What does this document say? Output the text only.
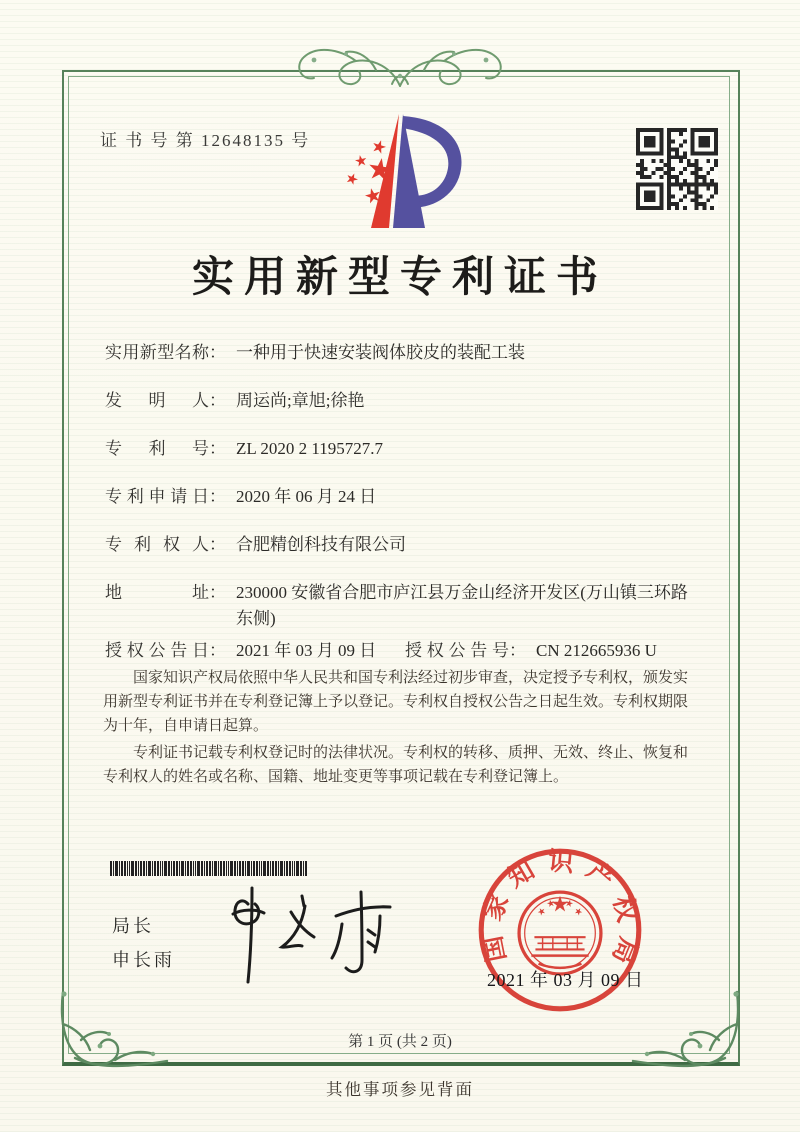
证 书 号 第 12648135 号
实用新型专利证书
实用新型名称 ： 一种用于快速安装阀体胶皮的装配工装
发明人 ： 周运尚;章旭;徐艳
专利号 ： ZL 2020 2 1195727.7
专利申请日 ： 2020 年 06 月 24 日
专利权人 ： 合肥精创科技有限公司
地址 ： 230000 安徽省合肥市庐江县万金山经济开发区(万山镇三环路东侧)
授权公告日 ： 2021 年 03 月 09 日 授权公告号 ： CN 212665936 U

国家知识产权局依照中华人民共和国专利法经过初步审查，决定授予专利权，颁发实用新型专利证书并在专利登记簿上予以登记。专利权自授权公告之日起生效。专利权期限为十年，自申请日起算。

专利证书记载专利权登记时的法律状况。专利权的转移、质押、无效、终止、恢复和专利权人的姓名或名称、国籍、地址变更等事项记载在专利登记簿上。

局长
申长雨	国家知识产权局
2021 年 03 月 09 日
第 1 页 (共 2 页)
其他事项参见背面
